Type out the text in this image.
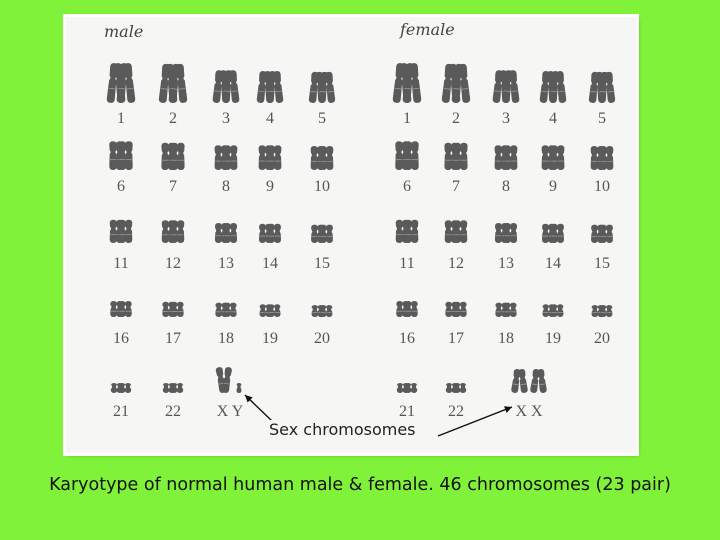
male	female
1	2	3 4	5
6	7	8 9	10
11 12 13 14 15
16 17 18 19 20
21 22 X Y
1	2	3 4	5
6	7	8 9 10
11 12 13 14 15
16 17 18 19 20
21 22	X X
Sex chromosomes
Karyotype of normal human male & female. 46 chromosomes (23 pair)
